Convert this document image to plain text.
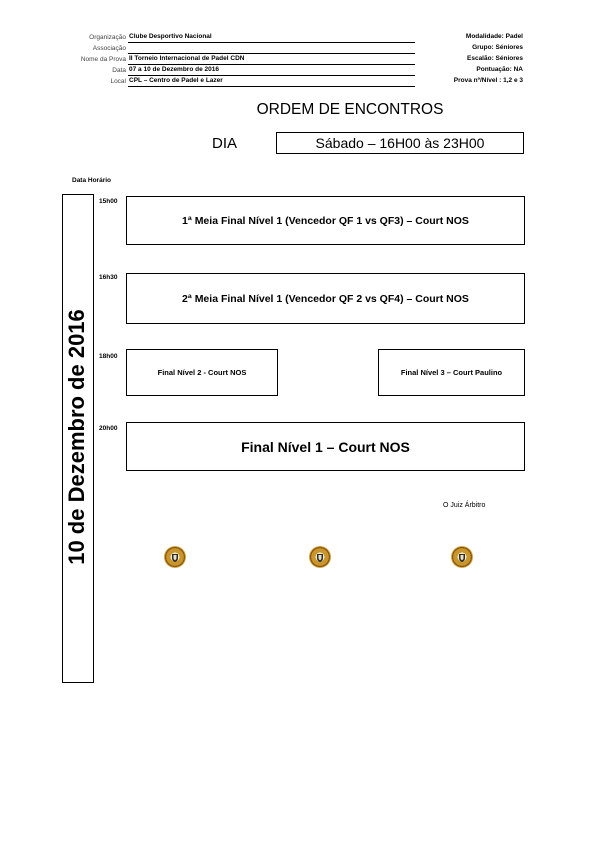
Organização Clube Desportivo Nacional
Associação
Nome da Prova II Torneio Internacional de Padel CDN
Data 07 a 10 de Dezembro de 2016
Local CPL – Centro de Padel e Lazer
Modalidade: Padel
Grupo: Séniores
Escalão: Séniores
Pontuação: NA
Prova nº/Nível : 1,2 e 3
ORDEM DE ENCONTROS
DIA	Sábado – 16H00 às 23H00
Data Horário
10 de Dezembro de 2016
15h00
1ª Meia Final Nível 1 (Vencedor QF 1 vs QF3) – Court NOS
16h30
2ª Meia Final Nível 1 (Vencedor QF 2 vs QF4) – Court NOS
18h00
Final Nível 2 - Court NOS	Final Nível 3 – Court Paulino
20h00
Final Nível 1 – Court NOS
O Juiz Árbitro
